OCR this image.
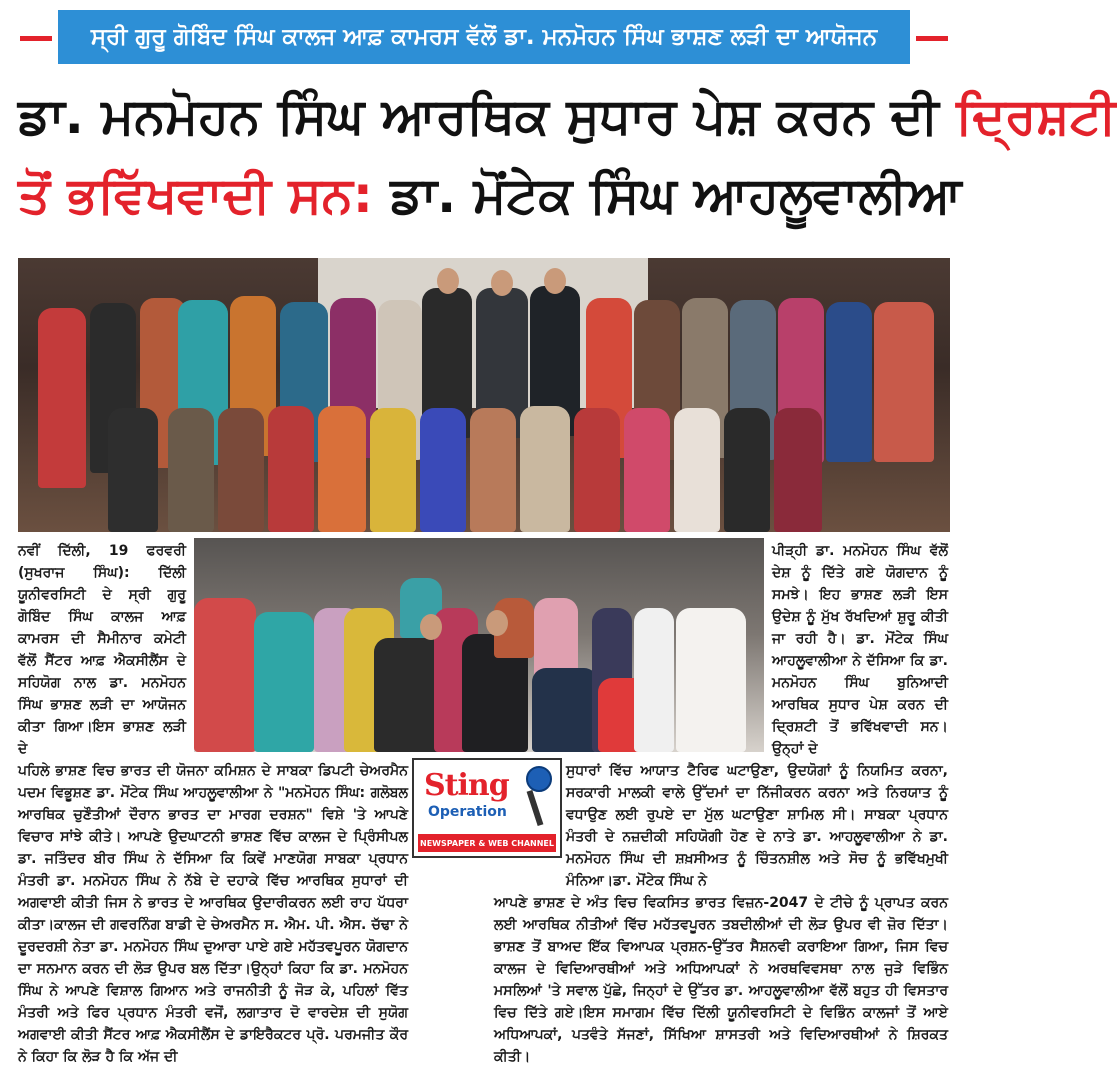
ਸ੍ਰੀ ਗੁਰੂ ਗੋਬਿੰਦ ਸਿੰਘ ਕਾਲਜ ਆਫ਼ ਕਾਮਰਸ ਵੱਲੋਂ ਡਾ. ਮਨਮੋਹਨ ਸਿੰਘ ਭਾਸ਼ਣ ਲੜੀ ਦਾ ਆਯੋਜਨ
ਡਾ. ਮਨਮੋਹਨ ਸਿੰਘ ਆਰਥਿਕ ਸੁਧਾਰ ਪੇਸ਼ ਕਰਨ ਦੀ ਦ੍ਰਿਸ਼ਟੀ
ਤੋਂ ਭਵਿੱਖਵਾਦੀ ਸਨ: ਡਾ. ਮੋਂਟੇਕ ਸਿੰਘ ਆਹਲੂਵਾਲੀਆ
ਨਵੀਂ ਦਿੱਲੀ, 19 ਫਰਵਰੀ (ਸੁਖਰਾਜ ਸਿੰਘ): ਦਿੱਲੀ ਯੂਨੀਵਰਸਿਟੀ ਦੇ ਸ੍ਰੀ ਗੁਰੂ ਗੋਬਿੰਦ ਸਿੰਘ ਕਾਲਜ ਆਫ਼ ਕਾਮਰਸ ਦੀ ਸੈਮੀਨਾਰ ਕਮੇਟੀ ਵੱਲੋਂ ਸੈਂਟਰ ਆਫ਼ ਐਕਸੀਲੈਂਸ ਦੇ ਸਹਿਯੋਗ ਨਾਲ ਡਾ. ਮਨਮੋਹਨ ਸਿੰਘ ਭਾਸ਼ਣ ਲੜੀ ਦਾ ਆਯੋਜਨ ਕੀਤਾ ਗਿਆ।ਇਸ ਭਾਸ਼ਣ ਲੜੀ ਦੇ
ਪੀੜ੍ਹੀ ਡਾ. ਮਨਮੋਹਨ ਸਿੰਘ ਵੱਲੋਂ ਦੇਸ਼ ਨੂੰ ਦਿੱਤੇ ਗਏ ਯੋਗਦਾਨ ਨੂੰ ਸਮਝੇ। ਇਹ ਭਾਸ਼ਣ ਲੜੀ ਇਸ ਉਦੇਸ਼ ਨੂੰ ਮੁੱਖ ਰੱਖਦਿਆਂ ਸ਼ੁਰੂ ਕੀਤੀ ਜਾ ਰਹੀ ਹੈ। ਡਾ. ਮੋਂਟੇਕ ਸਿੰਘ ਆਹਲੂਵਾਲੀਆ ਨੇ ਦੱਸਿਆ ਕਿ ਡਾ. ਮਨਮੋਹਨ ਸਿੰਘ ਬੁਨਿਆਦੀ ਆਰਥਿਕ ਸੁਧਾਰ ਪੇਸ਼ ਕਰਨ ਦੀ ਦ੍ਰਿਸ਼ਟੀ ਤੋਂ ਭਵਿੱਖਵਾਦੀ ਸਨ।ਉਨ੍ਹਾਂ ਦੇ
ਪਹਿਲੇ ਭਾਸ਼ਣ ਵਿਚ ਭਾਰਤ ਦੀ ਯੋਜਨਾ ਕਮਿਸ਼ਨ ਦੇ ਸਾਬਕਾ ਡਿਪਟੀ ਚੇਅਰਮੈਨ ਪਦਮ ਵਿਭੂਸ਼ਣ ਡਾ. ਮੋਂਟੇਕ ਸਿੰਘ ਆਹਲੂਵਾਲੀਆ ਨੇ "ਮਨਮੋਹਨ ਸਿੰਘ: ਗਲੋਬਲ ਆਰਥਿਕ ਚੁਣੌਤੀਆਂ ਦੌਰਾਨ ਭਾਰਤ ਦਾ ਮਾਰਗ ਦਰਸ਼ਨ" ਵਿਸ਼ੇ 'ਤੇ ਆਪਣੇ ਵਿਚਾਰ ਸਾਂਝੇ ਕੀਤੇ। ਆਪਣੇ ਉਦਘਾਟਨੀ ਭਾਸ਼ਣ ਵਿੱਚ ਕਾਲਜ ਦੇ ਪ੍ਰਿੰਸੀਪਲ ਡਾ. ਜਤਿੰਦਰ ਬੀਰ ਸਿੰਘ ਨੇ ਦੱਸਿਆ ਕਿ ਕਿਵੇਂ ਮਾਣਯੋਗ ਸਾਬਕਾ ਪ੍ਰਧਾਨ ਮੰਤਰੀ ਡਾ. ਮਨਮੋਹਨ ਸਿੰਘ ਨੇ ਨੱਬੇ ਦੇ ਦਹਾਕੇ ਵਿੱਚ ਆਰਥਿਕ ਸੁਧਾਰਾਂ ਦੀ ਅਗਵਾਈ ਕੀਤੀ ਜਿਸ ਨੇ ਭਾਰਤ ਦੇ ਆਰਥਿਕ ਉਦਾਰੀਕਰਨ ਲਈ ਰਾਹ ਪੱਧਰਾ ਕੀਤਾ।ਕਾਲਜ ਦੀ ਗਵਰਨਿੰਗ ਬਾਡੀ ਦੇ ਚੇਅਰਮੈਨ ਸ. ਐਮ. ਪੀ. ਐਸ. ਚੱਢਾ ਨੇ ਦੂਰਦਰਸ਼ੀ ਨੇਤਾ ਡਾ. ਮਨਮੋਹਨ ਸਿੰਘ ਦੁਆਰਾ ਪਾਏ ਗਏ ਮਹੱਤਵਪੂਰਨ ਯੋਗਦਾਨ ਦਾ ਸਨਮਾਨ ਕਰਨ ਦੀ ਲੋੜ ਉਪਰ ਬਲ ਦਿੱਤਾ।ਉਨ੍ਹਾਂ ਕਿਹਾ ਕਿ ਡਾ. ਮਨਮੋਹਨ ਸਿੰਘ ਨੇ ਆਪਣੇ ਵਿਸ਼ਾਲ ਗਿਆਨ ਅਤੇ ਰਾਜਨੀਤੀ ਨੂੰ ਜੋੜ ਕੇ, ਪਹਿਲਾਂ ਵਿੱਤ ਮੰਤਰੀ ਅਤੇ ਫਿਰ ਪ੍ਰਧਾਨ ਮੰਤਰੀ ਵਜੋਂ, ਲਗਾਤਾਰ ਦੋ ਵਾਰਦੇਸ਼ ਦੀ ਸੁਯੋਗ ਅਗਵਾਈ ਕੀਤੀ ਸੈਂਟਰ ਆਫ਼ ਐਕਸੀਲੈਂਸ ਦੇ ਡਾਇਰੈਕਟਰ ਪ੍ਰੋ. ਪਰਮਜੀਤ ਕੌਰ ਨੇ ਕਿਹਾ ਕਿ ਲੋੜ ਹੈ ਕਿ ਅੱਜ ਦੀ
ਸੁਧਾਰਾਂ ਵਿੱਚ ਆਯਾਤ ਟੈਰਿਫ ਘਟਾਉਣਾ, ਉਦਯੋਗਾਂ ਨੂੰ ਨਿਯਮਿਤ ਕਰਨਾ, ਸਰਕਾਰੀ ਮਾਲਕੀ ਵਾਲੇ ਉੱਦਮਾਂ ਦਾ ਨਿੱਜੀਕਰਨ ਕਰਨਾ ਅਤੇ ਨਿਰਯਾਤ ਨੂੰ ਵਧਾਉਣ ਲਈ ਰੁਪਏ ਦਾ ਮੁੱਲ ਘਟਾਉਣਾ ਸ਼ਾਮਿਲ ਸੀ। ਸਾਬਕਾ ਪ੍ਰਧਾਨ ਮੰਤਰੀ ਦੇ ਨਜ਼ਦੀਕੀ ਸਹਿਯੋਗੀ ਹੋਣ ਦੇ ਨਾਤੇ ਡਾ. ਆਹਲੂਵਾਲੀਆ ਨੇ ਡਾ. ਮਨਮੋਹਨ ਸਿੰਘ ਦੀ ਸ਼ਖ਼ਸੀਅਤ ਨੂੰ ਚਿੰਤਨਸ਼ੀਲ ਅਤੇ ਸੋਚ ਨੂੰ ਭਵਿੱਖਮੁਖੀ ਮੰਨਿਆ।ਡਾ. ਮੋਂਟੇਕ ਸਿੰਘ ਨੇ
ਆਪਣੇ ਭਾਸ਼ਣ ਦੇ ਅੰਤ ਵਿਚ ਵਿਕਸਿਤ ਭਾਰਤ ਵਿਜ਼ਨ-2047 ਦੇ ਟੀਚੇ ਨੂੰ ਪ੍ਰਾਪਤ ਕਰਨ ਲਈ ਆਰਥਿਕ ਨੀਤੀਆਂ ਵਿੱਚ ਮਹੱਤਵਪੂਰਨ ਤਬਦੀਲੀਆਂ ਦੀ ਲੋੜ ਉਪਰ ਵੀ ਜ਼ੋਰ ਦਿੱਤਾ।ਭਾਸ਼ਣ ਤੋਂ ਬਾਅਦ ਇੱਕ ਵਿਆਪਕ ਪ੍ਰਸ਼ਨ-ਉੱਤਰ ਸੈਸ਼ਨਵੀ ਕਰਾਇਆ ਗਿਆ, ਜਿਸ ਵਿਚ ਕਾਲਜ ਦੇ ਵਿਦਿਆਰਥੀਆਂ ਅਤੇ ਅਧਿਆਪਕਾਂ ਨੇ ਅਰਥਵਿਵਸਥਾ ਨਾਲ ਜੁੜੇ ਵਿਭਿੰਨ ਮਸਲਿਆਂ 'ਤੇ ਸਵਾਲ ਪੁੱਛੇ, ਜਿਨ੍ਹਾਂ ਦੇ ਉੱਤਰ ਡਾ. ਆਹਲੂਵਾਲੀਆ ਵੱਲੋਂ ਬਹੁਤ ਹੀ ਵਿਸਤਾਰ ਵਿਚ ਦਿੱਤੇ ਗਏ।ਇਸ ਸਮਾਗਮ ਵਿੱਚ ਦਿੱਲੀ ਯੂਨੀਵਰਸਿਟੀ ਦੇ ਵਿਭਿੰਨ ਕਾਲਜਾਂ ਤੋਂ ਆਏ ਅਧਿਆਪਕਾਂ, ਪਤਵੰਤੇ ਸੱਜਣਾਂ, ਸਿੱਖਿਆ ਸ਼ਾਸਤਰੀ ਅਤੇ ਵਿਦਿਆਰਥੀਆਂ ਨੇ ਸ਼ਿਰਕਤ ਕੀਤੀ।
Sting
Operation
NEWSPAPER & WEB CHANNEL
